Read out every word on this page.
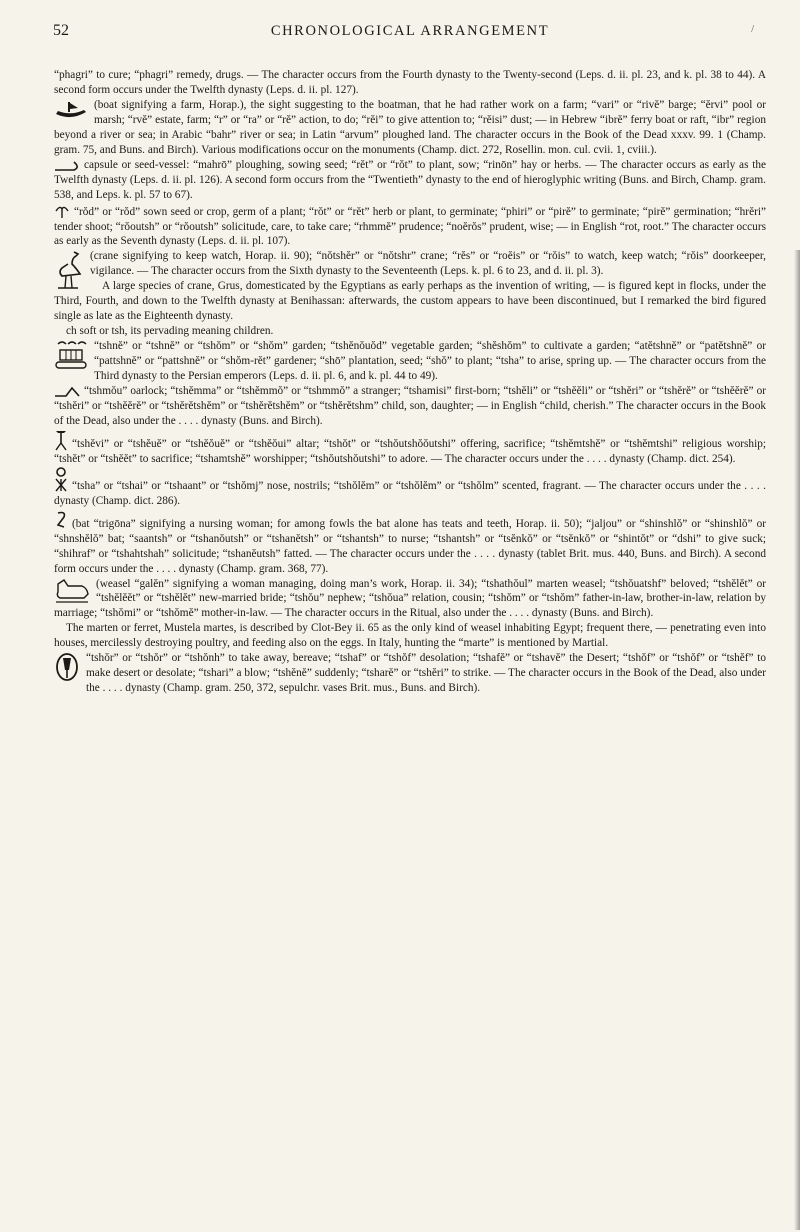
52	CHRONOLOGICAL ARRANGEMENT	/

“phagri” to cure; “phagri” remedy, drugs. — The character occurs from the Fourth dynasty to the Twenty-second (Leps. d. ii. pl. 23, and k. pl. 38 to 44). A second form occurs under the Twelfth dynasty (Leps. d. ii. pl. 127).

(boat signifying a farm, Horap.), the sight suggesting to the boatman, that he had rather work on a farm; “vari” or “rivĕ” barge; “ĕrvi” pool or marsh; “rvĕ” estate, farm; “r” or “ra” or “rĕ” action, to do; “rĕi” to give attention to; “rĕisi” dust; — in Hebrew “ibrĕ” ferry boat or raft, “ibr” region beyond a river or sea; in Arabic “bahr” river or sea; in Latin “arvum” ploughed land. The character occurs in the Book of the Dead xxxv. 99. 1 (Champ. gram. 75, and Buns. and Birch). Various modifications occur on the monuments (Champ. dict. 272, Rosellin. mon. cul. cvii. 1, cviii.).

capsule or seed-vessel: “mahrō” ploughing, sowing seed; “rĕt” or “rŏt” to plant, sow; “rinōn” hay or herbs. — The character occurs as early as the Twelfth dynasty (Leps. d. ii. pl. 126). A second form occurs from the “Twentieth” dynasty to the end of hieroglyphic writing (Buns. and Birch, Champ. gram. 538, and Leps. k. pl. 57 to 67).

“rŏd” or “rŏd” sown seed or crop, germ of a plant; “rŏt” or “rĕt” herb or plant, to germinate; “phiri” or “pirĕ” to germinate; “pirĕ” germination; “hrĕri” tender shoot; “rŏoutsh” or “rŏoutsh” solicitude, care, to take care; “rhmmĕ” prudence; “noĕrŏs” prudent, wise; — in English “rot, root.” The character occurs as early as the Seventh dynasty (Leps. d. ii. pl. 107).

(crane signifying to keep watch, Horap. ii. 90); “nŏtshĕr” or “nŏtshr” crane; “rĕs” or “roĕis” or “rŏis” to watch, keep watch; “rŏis” doorkeeper, vigilance. — The character occurs from the Sixth dynasty to the Seventeenth (Leps. k. pl. 6 to 23, and d. ii. pl. 3).

A large species of crane, Grus, domesticated by the Egyptians as early perhaps as the invention of writing, — is figured kept in flocks, under the Third, Fourth, and down to the Twelfth dynasty at Benihassan: afterwards, the custom appears to have been discontinued, but I remarked the bird figured single as late as the Eighteenth dynasty.

ch soft or tsh, its pervading meaning children.

“tshnĕ” or “tshnĕ” or “tshŏm” or “shŏm” garden; “tshĕnŏuŏd” vegetable garden; “shĕshŏm” to cultivate a garden; “atĕtshnĕ” or “patĕtshnĕ” or “pattshnĕ” or “pattshnĕ” or “shŏm-rĕt” gardener; “shō” plantation, seed; “shŏ” to plant; “tsha” to arise, spring up. — The character occurs from the Third dynasty to the Persian emperors (Leps. d. ii. pl. 6, and k. pl. 44 to 49).

“tshmŏu” oarlock; “tshĕmma” or “tshĕmmŏ” or “tshmmŏ” a stranger; “tshamisi” first-born; “tshĕli” or “tshĕĕli” or “tshĕri” or “tshĕrĕ” or “tshĕĕrĕ” or “tshĕri” or “tshĕĕrĕ” or “tshĕrĕtshĕm” or “tshĕrĕtshĕm” or “tshĕrĕtshm” child, son, daughter; — in English “child, cherish.” The character occurs in the Book of the Dead, also under the . . . . dynasty (Buns. and Birch).

“tshĕvi” or “tshĕuĕ” or “tshĕŏuĕ” or “tshĕŏui” altar; “tshŏt” or “tshŏutshŏŏutshi” offering, sacrifice; “tshĕmtshĕ” or “tshĕmtshi” religious worship; “tshĕt” or “tshĕĕt” to sacrifice; “tshamtshĕ” worshipper; “tshŏutshŏutshi” to adore. — The character occurs under the . . . . dynasty (Champ. dict. 254).

“tsha” or “tshai” or “tshaant” or “tshŏmj” nose, nostrils; “tshŏlĕm” or “tshŏlĕm” or “tshŏlm” scented, fragrant. — The character occurs under the . . . . dynasty (Champ. dict. 286).

(bat “trigōna” signifying a nursing woman; for among fowls the bat alone has teats and teeth, Horap. ii. 50); “jaljou” or “shinshlŏ” or “shinshlŏ” or “shnshĕlŏ” bat; “saantsh” or “tshanŏutsh” or “tshanĕtsh” or “tshantsh” to nurse; “tshantsh” or “tsĕnkŏ” or “tsĕnkŏ” or “shintŏt” or “dshi” to give suck; “shihraf” or “tshahtshah” solicitude; “tshanĕutsh” fatted. — The character occurs under the . . . . dynasty (tablet Brit. mus. 440, Buns. and Birch). A second form occurs under the . . . . dynasty (Champ. gram. 368, 77).

(weasel “galĕn” signifying a woman managing, doing man’s work, Horap. ii. 34); “tshathŏul” marten weasel; “tshŏuatshf” beloved; “tshĕlĕt” or “tshĕlĕĕt” or “tshĕlĕt” new-married bride; “tshŏu” nephew; “tshŏua” relation, cousin; “tshŏm” or “tshŏm” father-in-law, brother-in-law, relation by marriage; “tshŏmi” or “tshŏmĕ” mother-in-law. — The character occurs in the Ritual, also under the . . . . dynasty (Buns. and Birch).

The marten or ferret, Mustela martes, is described by Clot-Bey ii. 65 as the only kind of weasel inhabiting Egypt; frequent there, — penetrating even into houses, mercilessly destroying poultry, and feeding also on the eggs. In Italy, hunting the “marte” is mentioned by Martial.

“tshŏr” or “tshŏr” or “tshŏnh” to take away, bereave; “tshaf” or “tshŏf” desolation; “tshafĕ” or “tshavĕ” the Desert; “tshŏf” or “tshŏf” or “tshĕf” to make desert or desolate; “tshari” a blow; “tshĕnĕ” suddenly; “tsharĕ” or “tshĕri” to strike. — The character occurs in the Book of the Dead, also under the . . . . dynasty (Champ. gram. 250, 372, sepulchr. vases Brit. mus., Buns. and Birch).
